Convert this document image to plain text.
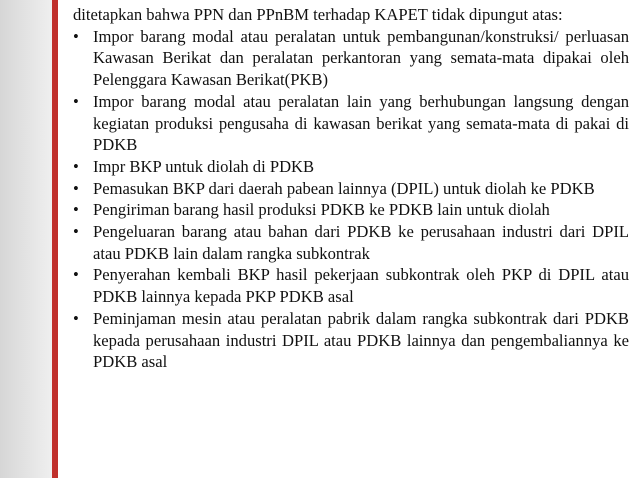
ditetapkan bahwa PPN dan PPnBM terhadap KAPET tidak dipungut atas:

• Impor barang modal atau peralatan untuk pembangunan/konstruksi/ perluasan Kawasan Berikat dan peralatan perkantoran yang semata-mata dipakai oleh Pelenggara Kawasan Berikat(PKB)
• Impor barang modal atau peralatan lain yang berhubungan langsung dengan kegiatan produksi pengusaha di kawasan berikat yang semata-mata di pakai di PDKB
• Impr BKP untuk diolah di PDKB
• Pemasukan BKP dari daerah pabean lainnya (DPIL) untuk diolah ke PDKB
• Pengiriman barang hasil produksi PDKB ke PDKB lain untuk diolah
• Pengeluaran barang atau bahan dari PDKB ke perusahaan industri dari DPIL atau PDKB lain dalam rangka subkontrak
• Penyerahan kembali BKP hasil pekerjaan subkontrak oleh PKP di DPIL atau PDKB lainnya kepada PKP PDKB asal
• Peminjaman mesin atau peralatan pabrik dalam rangka subkontrak dari PDKB kepada perusahaan industri DPIL atau PDKB lainnya dan pengembaliannya ke PDKB asal
